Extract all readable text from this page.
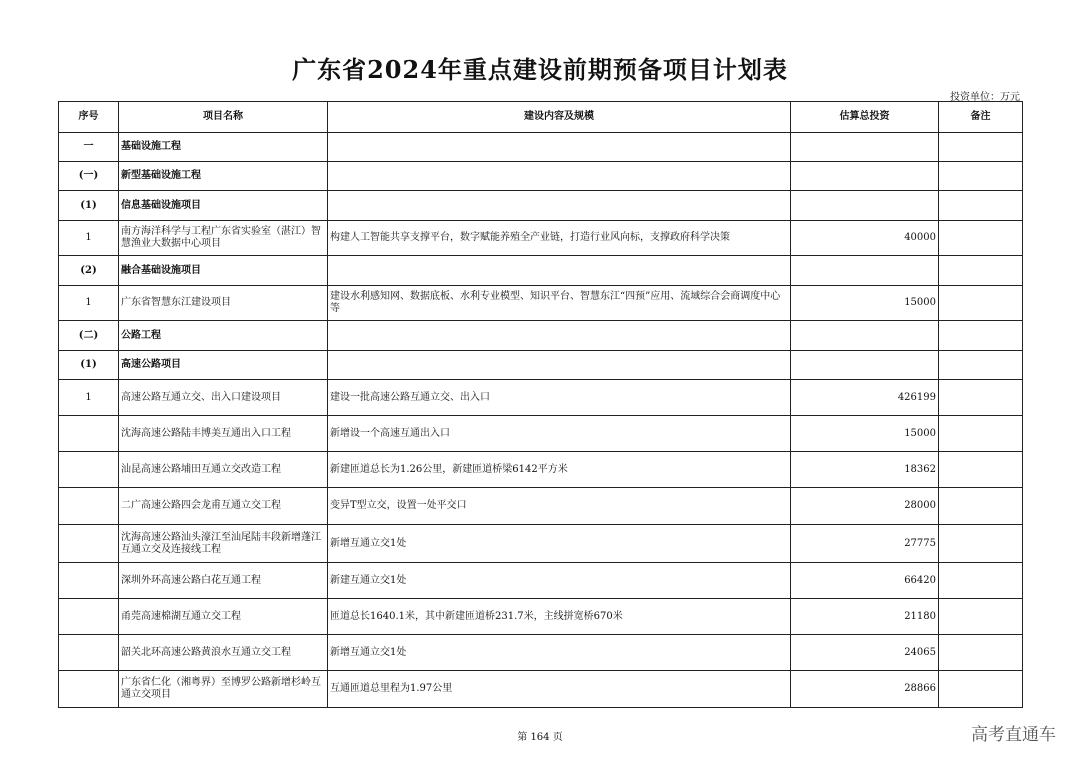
广东省2024年重点建设前期预备项目计划表
投资单位：万元
序号	项目名称	建设内容及规模	估算总投资	备注
一	基础设施工程			
(一)	新型基础设施工程			
(1)	信息基础设施项目			
1	南方海洋科学与工程广东省实验室（湛江）智慧渔业大数据中心项目	构建人工智能共享支撑平台，数字赋能养殖全产业链，打造行业风向标，支撑政府科学决策	40000	
(2)	融合基础设施项目			
1	广东省智慧东江建设项目	建设水利感知网、数据底板、水利专业模型、知识平台、智慧东江“四预”应用、流域综合会商调度中心等	15000	
(二)	公路工程			
(1)	高速公路项目			
1	高速公路互通立交、出入口建设项目	建设一批高速公路互通立交、出入口	426199	
	沈海高速公路陆丰博美互通出入口工程	新增设一个高速互通出入口	15000	
	汕昆高速公路埔田互通立交改造工程	新建匝道总长为1.26公里，新建匝道桥梁6142平方米	18362	
	二广高速公路四会龙甫互通立交工程	变异T型立交，设置一处平交口	28000	
	沈海高速公路汕头濠江至汕尾陆丰段新增蓬江互通立交及连接线工程	新增互通立交1处	27775	
	深圳外环高速公路白花互通工程	新建互通立交1处	66420	
	甬莞高速棉湖互通立交工程	匝道总长1640.1米，其中新建匝道桥231.7米，主线拼宽桥670米	21180	
	韶关北环高速公路黄浪水互通立交工程	新增互通立交1处	24065	
	广东省仁化（湘粤界）至博罗公路新增杉岭互通立交项目	互通匝道总里程为1.97公里	28866	
第 164 页	高考直通车
